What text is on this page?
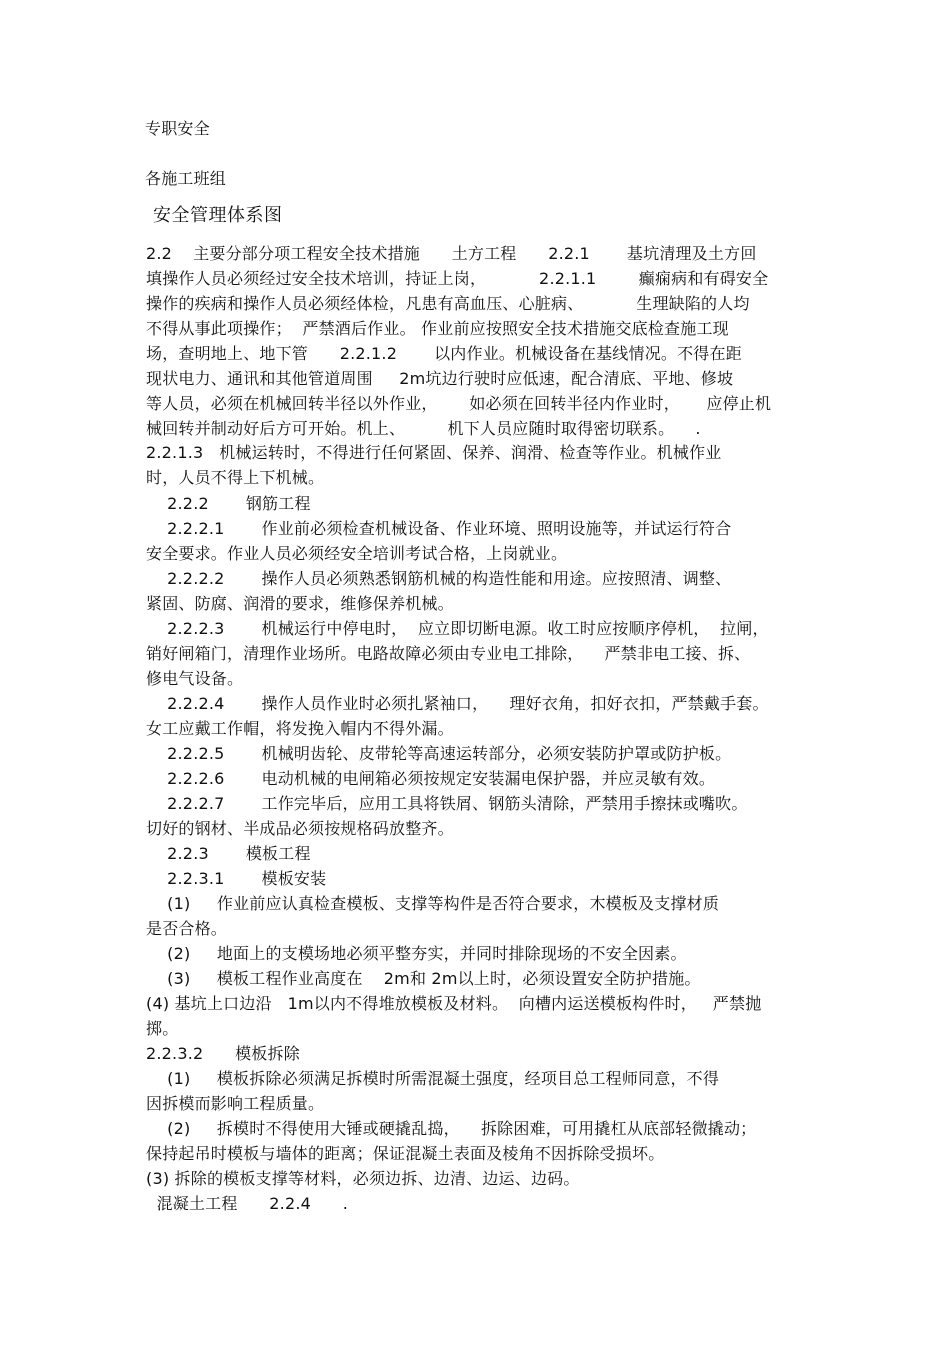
专职安全
各施工班组
安全管理体系图
2.2    主要分部分项工程安全技术措施      土方工程      2.2.1       基坑清理及土方回
填操作人员必须经过安全技术培训，持证上岗，          2.2.1.1        癫痫病和有碍安全
操作的疾病和操作人员必须经体检，凡患有高血压、心脏病、          生理缺陷的人均
不得从事此项操作；  严禁酒后作业。 作业前应按照安全技术措施交底检查施工现
场，查明地上、地下管      2.2.1.2       以内作业。机械设备在基线情况。不得在距
现状电力、通讯和其他管道周围     2m坑边行驶时应低速，配合清底、平地、修坡
等人员，必须在机械回转半径以外作业，      如必须在回转半径内作业时，     应停止机
械回转并制动好后方可开始。机上、        机下人员应随时取得密切联系。    .
2.2.1.3   机械运转时，不得进行任何紧固、保养、润滑、检查等作业。机械作业
时，人员不得上下机械。
2.2.2       钢筋工程
2.2.2.1       作业前必须检查机械设备、作业环境、照明设施等，并试运行符合
安全要求。作业人员必须经安全培训考试合格，上岗就业。
2.2.2.2       操作人员必须熟悉钢筋机械的构造性能和用途。应按照清、调整、
紧固、防腐、润滑的要求，维修保养机械。
2.2.2.3       机械运行中停电时，  应立即切断电源。收工时应按顺序停机，  拉闸，
销好闸箱门，清理作业场所。电路故障必须由专业电工排除，    严禁非电工接、拆、
修电气设备。
2.2.2.4       操作人员作业时必须扎紧袖口，    理好衣角，扣好衣扣，严禁戴手套。
女工应戴工作帽，将发挽入帽内不得外漏。
2.2.2.5       机械明齿轮、皮带轮等高速运转部分，必须安装防护罩或防护板。
2.2.2.6       电动机械的电闸箱必须按规定安装漏电保护器，并应灵敏有效。
2.2.2.7       工作完毕后，应用工具将铁屑、钢筋头清除，严禁用手擦抹或嘴吹。
切好的钢材、半成品必须按规格码放整齐。
2.2.3       模板工程
2.2.3.1       模板安装
(1)     作业前应认真检查模板、支撑等构件是否符合要求，木模板及支撑材质
是否合格。
(2)     地面上的支模场地必须平整夯实，并同时排除现场的不安全因素。
(3)     模板工程作业高度在    2m和 2m以上时，必须设置安全防护措施。
(4) 基坑上口边沿   1m以内不得堆放模板及材料。  向槽内运送模板构件时，   严禁抛
掷。
2.2.3.2      模板拆除
(1)     模板拆除必须满足拆模时所需混凝土强度，经项目总工程师同意，不得
因拆模而影响工程质量。
(2)     拆模时不得使用大锤或硬撬乱捣，    拆除困难，可用撬杠从底部轻微撬动；
保持起吊时模板与墙体的距离；保证混凝土表面及棱角不因拆除受损坏。
(3) 拆除的模板支撑等材料，必须边拆、边清、边运、边码。
混凝土工程      2.2.4      .
